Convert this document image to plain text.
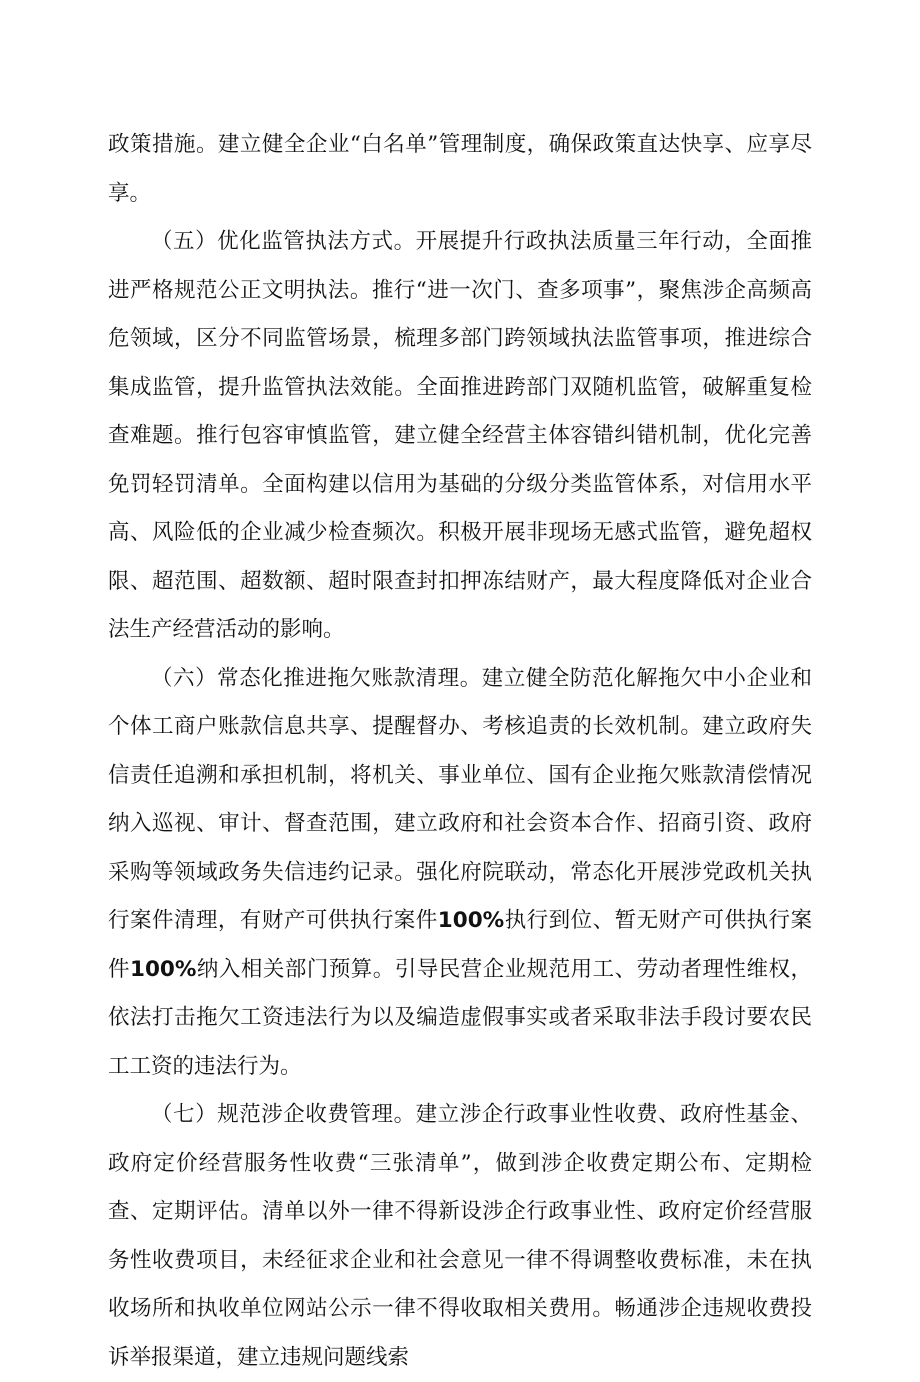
政策措施。建立健全企业“白名单”管理制度，确保政策直达快享、应享尽享。

（五）优化监管执法方式。开展提升行政执法质量三年行动，全面推进严格规范公正文明执法。推行“进一次门、查多项事”，聚焦涉企高频高危领域，区分不同监管场景，梳理多部门跨领域执法监管事项，推进综合集成监管，提升监管执法效能。全面推进跨部门双随机监管，破解重复检查难题。推行包容审慎监管，建立健全经营主体容错纠错机制，优化完善免罚轻罚清单。全面构建以信用为基础的分级分类监管体系，对信用水平高、风险低的企业减少检查频次。积极开展非现场无感式监管，避免超权限、超范围、超数额、超时限查封扣押冻结财产，最大程度降低对企业合法生产经营活动的影响。

（六）常态化推进拖欠账款清理。建立健全防范化解拖欠中小企业和个体工商户账款信息共享、提醒督办、考核追责的长效机制。建立政府失信责任追溯和承担机制，将机关、事业单位、国有企业拖欠账款清偿情况纳入巡视、审计、督查范围，建立政府和社会资本合作、招商引资、政府采购等领域政务失信违约记录。强化府院联动，常态化开展涉党政机关执行案件清理，有财产可供执行案件100%执行到位、暂无财产可供执行案件100%纳入相关部门预算。引导民营企业规范用工、劳动者理性维权，依法打击拖欠工资违法行为以及编造虚假事实或者采取非法手段讨要农民工工资的违法行为。

（七）规范涉企收费管理。建立涉企行政事业性收费、政府性基金、政府定价经营服务性收费“三张清单”，做到涉企收费定期公布、定期检查、定期评估。清单以外一律不得新设涉企行政事业性、政府定价经营服务性收费项目，未经征求企业和社会意见一律不得调整收费标准，未在执收场所和执收单位网站公示一律不得收取相关费用。畅通涉企违规收费投诉举报渠道，建立违规问题线索
